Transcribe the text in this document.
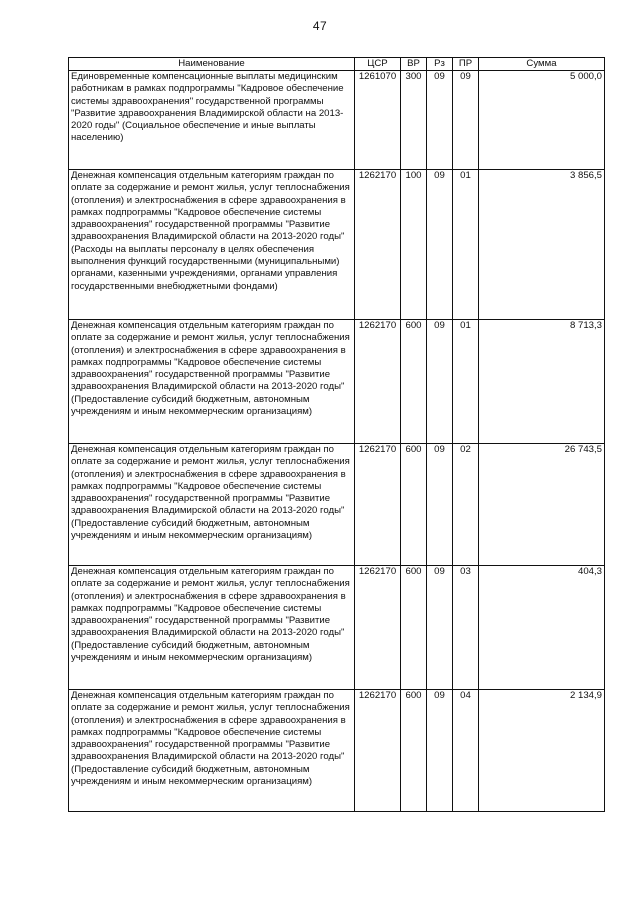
47
Наименование	ЦСР	ВР	Рз	ПР	Сумма
Единовременные компенсационные выплаты медицинским работникам в рамках подпрограммы "Кадровое обеспечение системы здравоохранения" государственной программы "Развитие здравоохранения Владимирской области на 2013-2020 годы" (Социальное обеспечение и иные выплаты населению)	1261070	300	09	09	5 000,0
Денежная компенсация отдельным категориям граждан по оплате за содержание и ремонт жилья, услуг теплоснабжения (отопления) и электроснабжения в сфере здравоохранения в рамках подпрограммы "Кадровое обеспечение системы здравоохранения" государственной программы "Развитие здравоохранения Владимирской области на 2013-2020 годы" (Расходы на выплаты персоналу в целях обеспечения выполнения функций государственными (муниципальными) органами, казенными учреждениями, органами управления государственными внебюджетными фондами)	1262170	100	09	01	3 856,5
Денежная компенсация отдельным категориям граждан по оплате за содержание и ремонт жилья, услуг теплоснабжения (отопления) и электроснабжения в сфере здравоохранения в рамках подпрограммы "Кадровое обеспечение системы здравоохранения" государственной программы "Развитие здравоохранения Владимирской области на 2013-2020 годы" (Предоставление субсидий бюджетным, автономным учреждениям и иным некоммерческим организациям)	1262170	600	09	01	8 713,3
Денежная компенсация отдельным категориям граждан по оплате за содержание и ремонт жилья, услуг теплоснабжения (отопления) и электроснабжения в сфере здравоохранения в рамках подпрограммы "Кадровое обеспечение системы здравоохранения" государственной программы "Развитие здравоохранения Владимирской области на 2013-2020 годы" (Предоставление субсидий бюджетным, автономным учреждениям и иным некоммерческим организациям)	1262170	600	09	02	26 743,5
Денежная компенсация отдельным категориям граждан по оплате за содержание и ремонт жилья, услуг теплоснабжения (отопления) и электроснабжения в сфере здравоохранения в рамках подпрограммы "Кадровое обеспечение системы здравоохранения" государственной программы "Развитие здравоохранения Владимирской области на 2013-2020 годы" (Предоставление субсидий бюджетным, автономным учреждениям и иным некоммерческим организациям)	1262170	600	09	03	404,3
Денежная компенсация отдельным категориям граждан по оплате за содержание и ремонт жилья, услуг теплоснабжения (отопления) и электроснабжения в сфере здравоохранения в рамках подпрограммы "Кадровое обеспечение системы здравоохранения" государственной программы "Развитие здравоохранения Владимирской области на 2013-2020 годы" (Предоставление субсидий бюджетным, автономным учреждениям и иным некоммерческим организациям)	1262170	600	09	04	2 134,9
